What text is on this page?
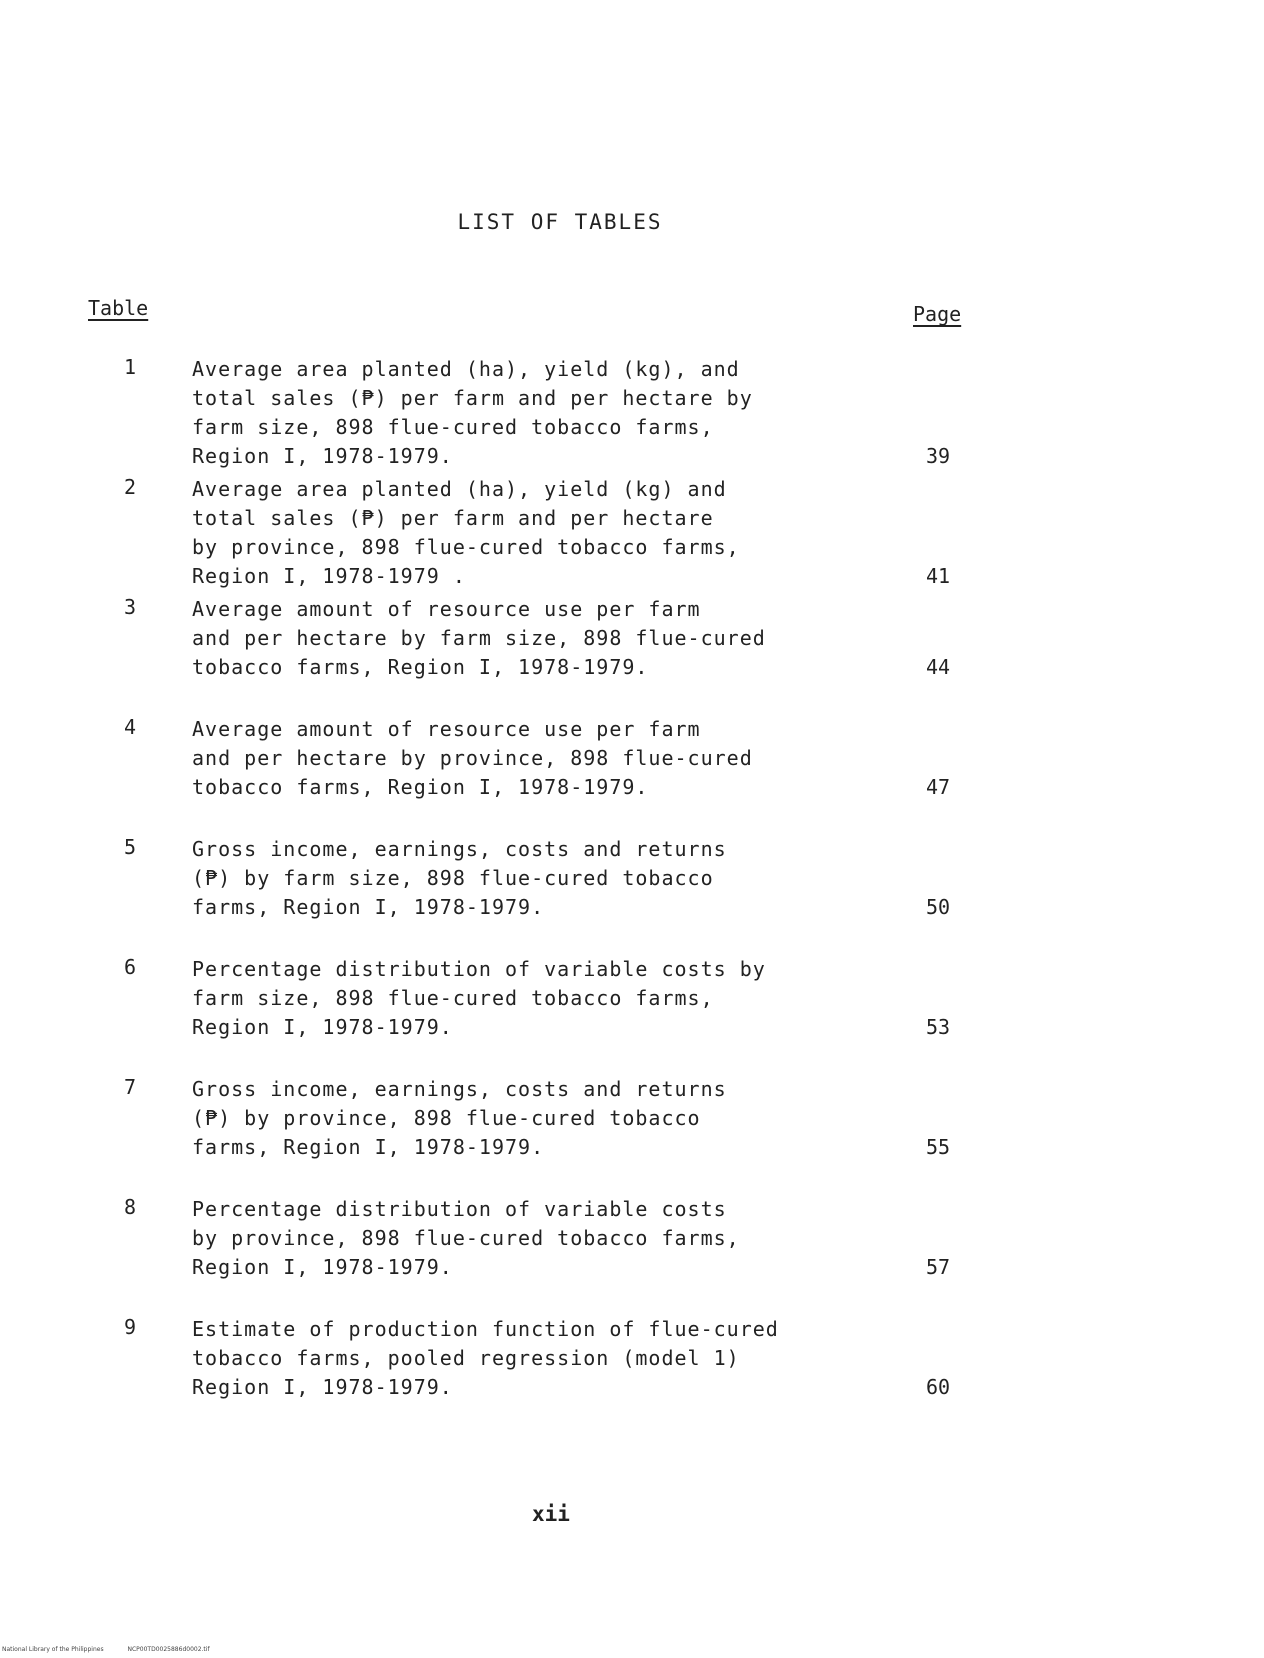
LIST OF TABLES
Table	Page
1	Average area planted (ha), yield (kg), and
total sales (₱) per farm and per hectare by
farm size, 898 flue-cured tobacco farms,
Region I, 1978-1979.	39
2	Average area planted (ha), yield (kg) and
total sales (₱) per farm and per hectare
by province, 898 flue-cured tobacco farms,
Region I, 1978-1979 .	41
3	Average amount of resource use per farm
and per hectare by farm size, 898 flue-cured
tobacco farms, Region I, 1978-1979.	44
4	Average amount of resource use per farm
and per hectare by province, 898 flue-cured
tobacco farms, Region I, 1978-1979.	47
5	Gross income, earnings, costs and returns
(₱) by farm size, 898 flue-cured tobacco
farms, Region I, 1978-1979.	50
6	Percentage distribution of variable costs by
farm size, 898 flue-cured tobacco farms,
Region I, 1978-1979.	53
7	Gross income, earnings, costs and returns
(₱) by province, 898 flue-cured tobacco
farms, Region I, 1978-1979.	55
8	Percentage distribution of variable costs
by province, 898 flue-cured tobacco farms,
Region I, 1978-1979.	57
9	Estimate of production function of flue-cured
tobacco farms, pooled regression (model 1)
Region I, 1978-1979.	60
xii
National Library of the Philippines	NCP00TD0025886d0002.tif
